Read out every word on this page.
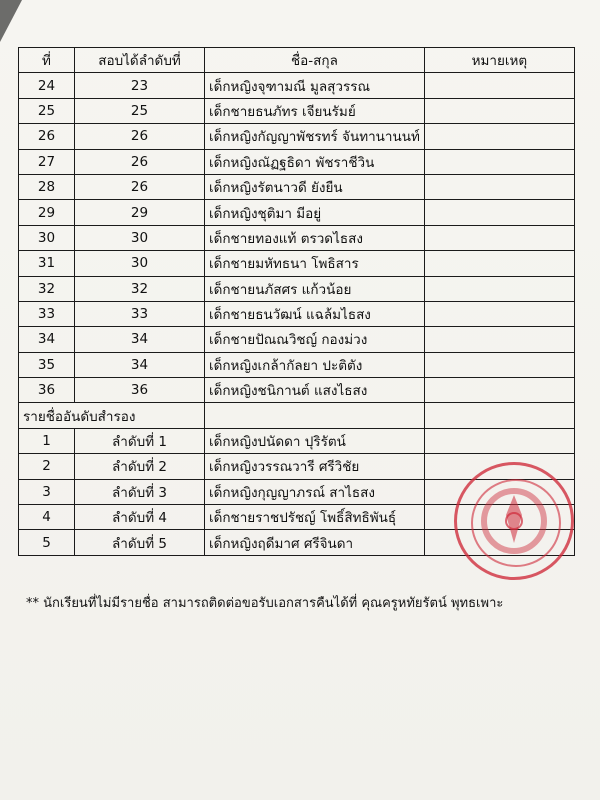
ที่	สอบได้ลำดับที่	ชื่อ-สกุล	หมายเหตุ
24	23	เด็กหญิงจุฑามณี มูลสุวรรณ	
25	25	เด็กชายธนภัทร เจียนรัมย์	
26	26	เด็กหญิงกัญญาพัชรทร์ จันทานานนท์	
27	26	เด็กหญิงณัฏฐธิดา พัชราชีวิน	
28	26	เด็กหญิงรัตนาวดี ยังยืน	
29	29	เด็กหญิงชุติมา มีอยู่	
30	30	เด็กชายทองแท้ ตรวดไธสง	
31	30	เด็กชายมหัทธนา โพธิสาร	
32	32	เด็กชายนภัสศร แก้วน้อย	
33	33	เด็กชายธนวัฒน์ แฉล้มไธสง	
34	34	เด็กชายปัณณวิชญ์ กองม่วง	
35	34	เด็กหญิงเกล้ากัลยา ปะติตัง	
36	36	เด็กหญิงชนิกานต์ แสงไธสง	
รายชื่ออันดับสำรอง			
1	ลำดับที่ 1	เด็กหญิงปนัดดา ปุริรัตน์	
2	ลำดับที่ 2	เด็กหญิงวรรณวารี ศรีวิชัย	
3	ลำดับที่ 3	เด็กหญิงกุญญาภรณ์ สาไธสง	
4	ลำดับที่ 4	เด็กชายราชปรัชญ์ โพธิ์สิทธิพันธุ์	
5	ลำดับที่ 5	เด็กหญิงฤดีมาศ ศรีจินดา	
** นักเรียนที่ไม่มีรายชื่อ สามารถติดต่อขอรับเอกสารคืนได้ที่ คุณครูหทัยรัตน์ พุทธเพาะ
